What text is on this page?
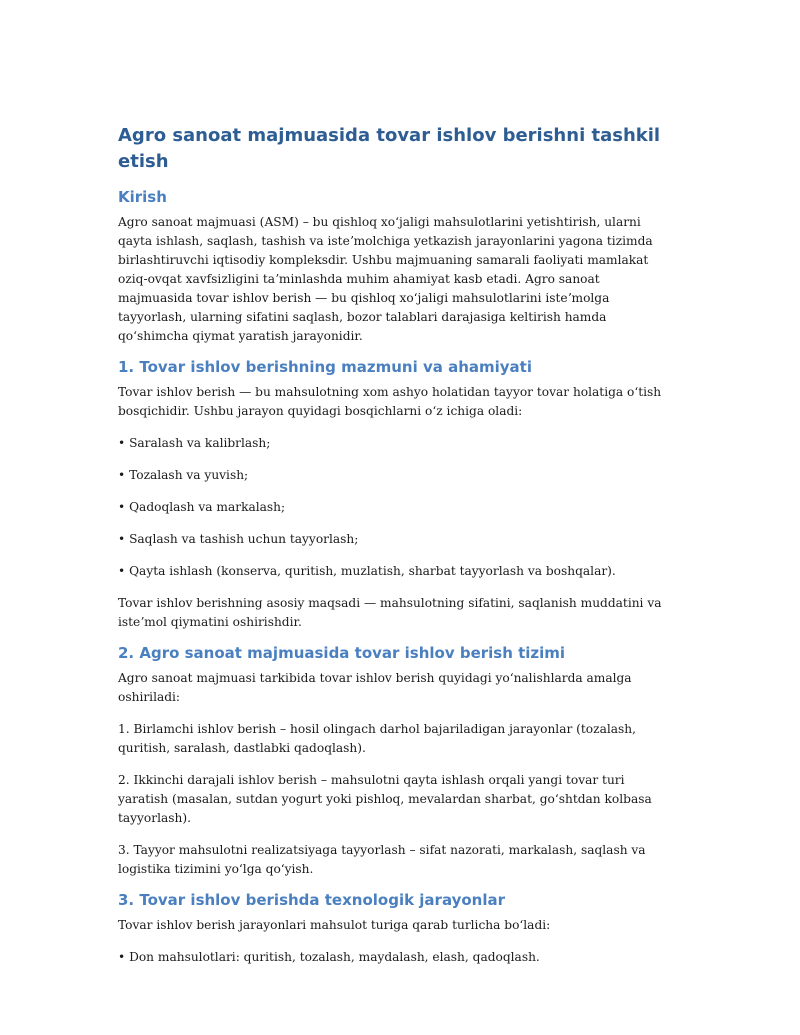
Agro sanoat majmuasida tovar ishlov berishni tashkil etish
Kirish

Agro sanoat majmuasi (ASM) – bu qishloq xoʻjaligi mahsulotlarini yetishtirish, ularni qayta ishlash, saqlash, tashish va isteʼmolchiga yetkazish jarayonlarini yagona tizimda birlashtiruvchi iqtisodiy kompleksdir. Ushbu majmuaning samarali faoliyati mamlakat oziq-ovqat xavfsizligini taʼminlashda muhim ahamiyat kasb etadi. Agro sanoat majmuasida tovar ishlov berish — bu qishloq xoʻjaligi mahsulotlarini isteʼmolga tayyorlash, ularning sifatini saqlash, bozor talablari darajasiga keltirish hamda qoʻshimcha qiymat yaratish jarayonidir.

1. Tovar ishlov berishning mazmuni va ahamiyati

Tovar ishlov berish — bu mahsulotning xom ashyo holatidan tayyor tovar holatiga oʻtish bosqichidir. Ushbu jarayon quyidagi bosqichlarni oʻz ichiga oladi:

• Saralash va kalibrlash;

• Tozalash va yuvish;

• Qadoqlash va markalash;

• Saqlash va tashish uchun tayyorlash;

• Qayta ishlash (konserva, quritish, muzlatish, sharbat tayyorlash va boshqalar).

Tovar ishlov berishning asosiy maqsadi — mahsulotning sifatini, saqlanish muddatini va isteʼmol qiymatini oshirishdir.

2. Agro sanoat majmuasida tovar ishlov berish tizimi

Agro sanoat majmuasi tarkibida tovar ishlov berish quyidagi yoʻnalishlarda amalga oshiriladi:

1. Birlamchi ishlov berish – hosil olingach darhol bajariladigan jarayonlar (tozalash, quritish, saralash, dastlabki qadoqlash).

2. Ikkinchi darajali ishlov berish – mahsulotni qayta ishlash orqali yangi tovar turi yaratish (masalan, sutdan yogurt yoki pishloq, mevalardan sharbat, goʻshtdan kolbasa tayyorlash).

3. Tayyor mahsulotni realizatsiyaga tayyorlash – sifat nazorati, markalash, saqlash va logistika tizimini yoʻlga qoʻyish.

3. Tovar ishlov berishda texnologik jarayonlar

Tovar ishlov berish jarayonlari mahsulot turiga qarab turlicha boʻladi:

• Don mahsulotlari: quritish, tozalash, maydalash, elash, qadoqlash.
